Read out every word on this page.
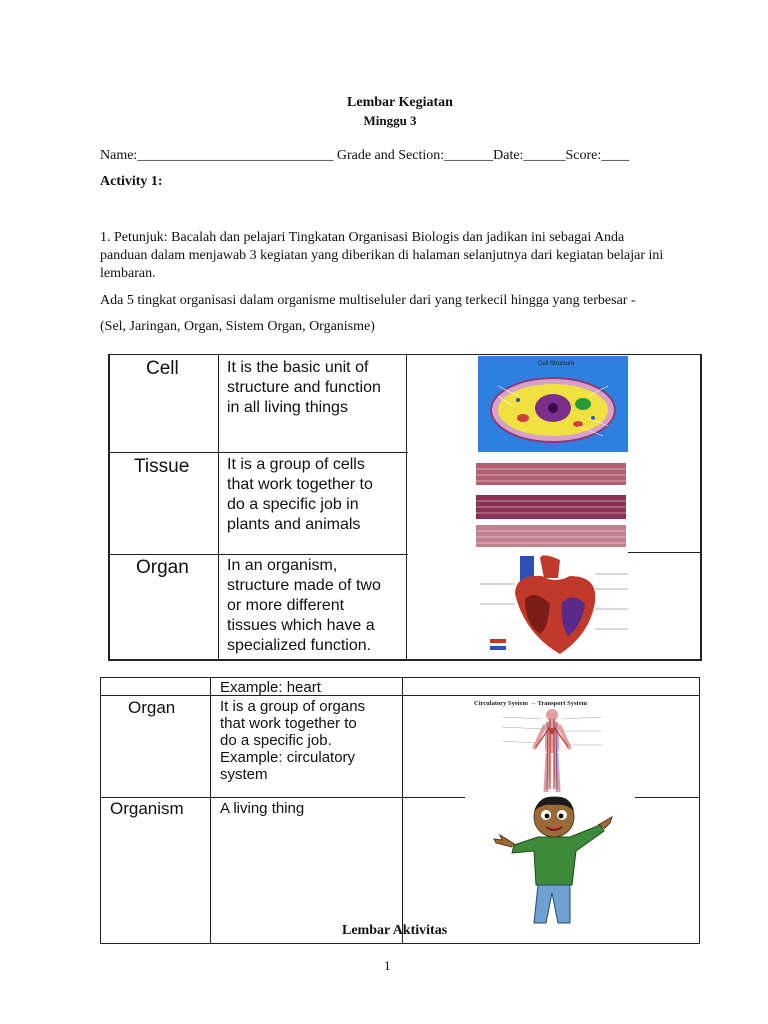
Lembar Kegiatan
Minggu 3
Name:____________________________ Grade and Section:_______Date:______Score:____
Activity 1:
1. Petunjuk: Bacalah dan pelajari Tingkatan Organisasi Biologis dan jadikan ini sebagai Anda
panduan dalam menjawab 3 kegiatan yang diberikan di halaman selanjutnya dari kegiatan belajar ini
lembaran.
Ada 5 tingkat organisasi dalam organisme multiseluler dari yang terkecil hingga yang terbesar -
(Sel, Jaringan, Organ, Sistem Organ, Organisme)
Cell
Tissue
Organ
It is the basic unit of
structure and function
in all living things
It is a group of cells
that work together to
do a specific job in
plants and animals
In an organism,
structure made of two
or more different
tissues which have a
specialized function.
Cell Structure
Example: heart
Organ	It is a group of organs
that work together to
do a specific job.
Example: circulatory
system
Organism A living thing
Circulatory System → Transport System
Lembar Aktivitas
1
